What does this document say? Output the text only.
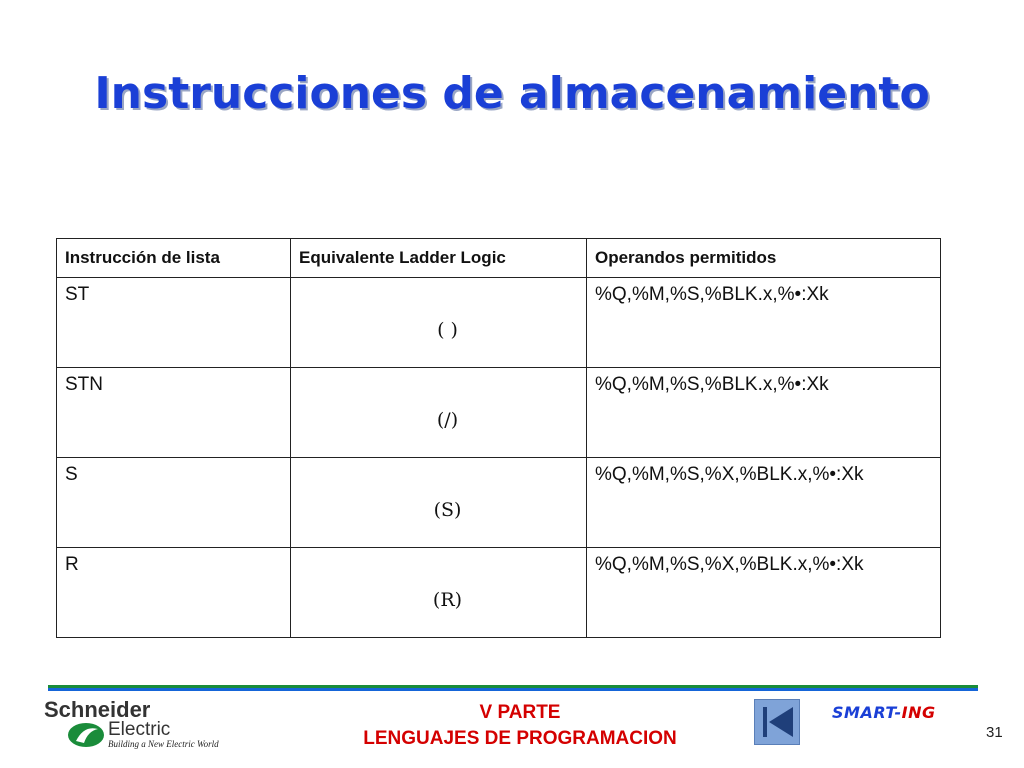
Instrucciones de almacenamiento
Instrucción de lista	Equivalente Ladder Logic	Operandos permitidos
ST	( )	%Q,%M,%S,%BLK.x,%•:Xk
STN	(/)	%Q,%M,%S,%BLK.x,%•:Xk
S	(S)	%Q,%M,%S,%X,%BLK.x,%•:Xk
R	(R)	%Q,%M,%S,%X,%BLK.x,%•:Xk
Schneider
Electric
Building a New Electric World
V PARTE
LENGUAJES DE PROGRAMACION
SMART-ING
31
